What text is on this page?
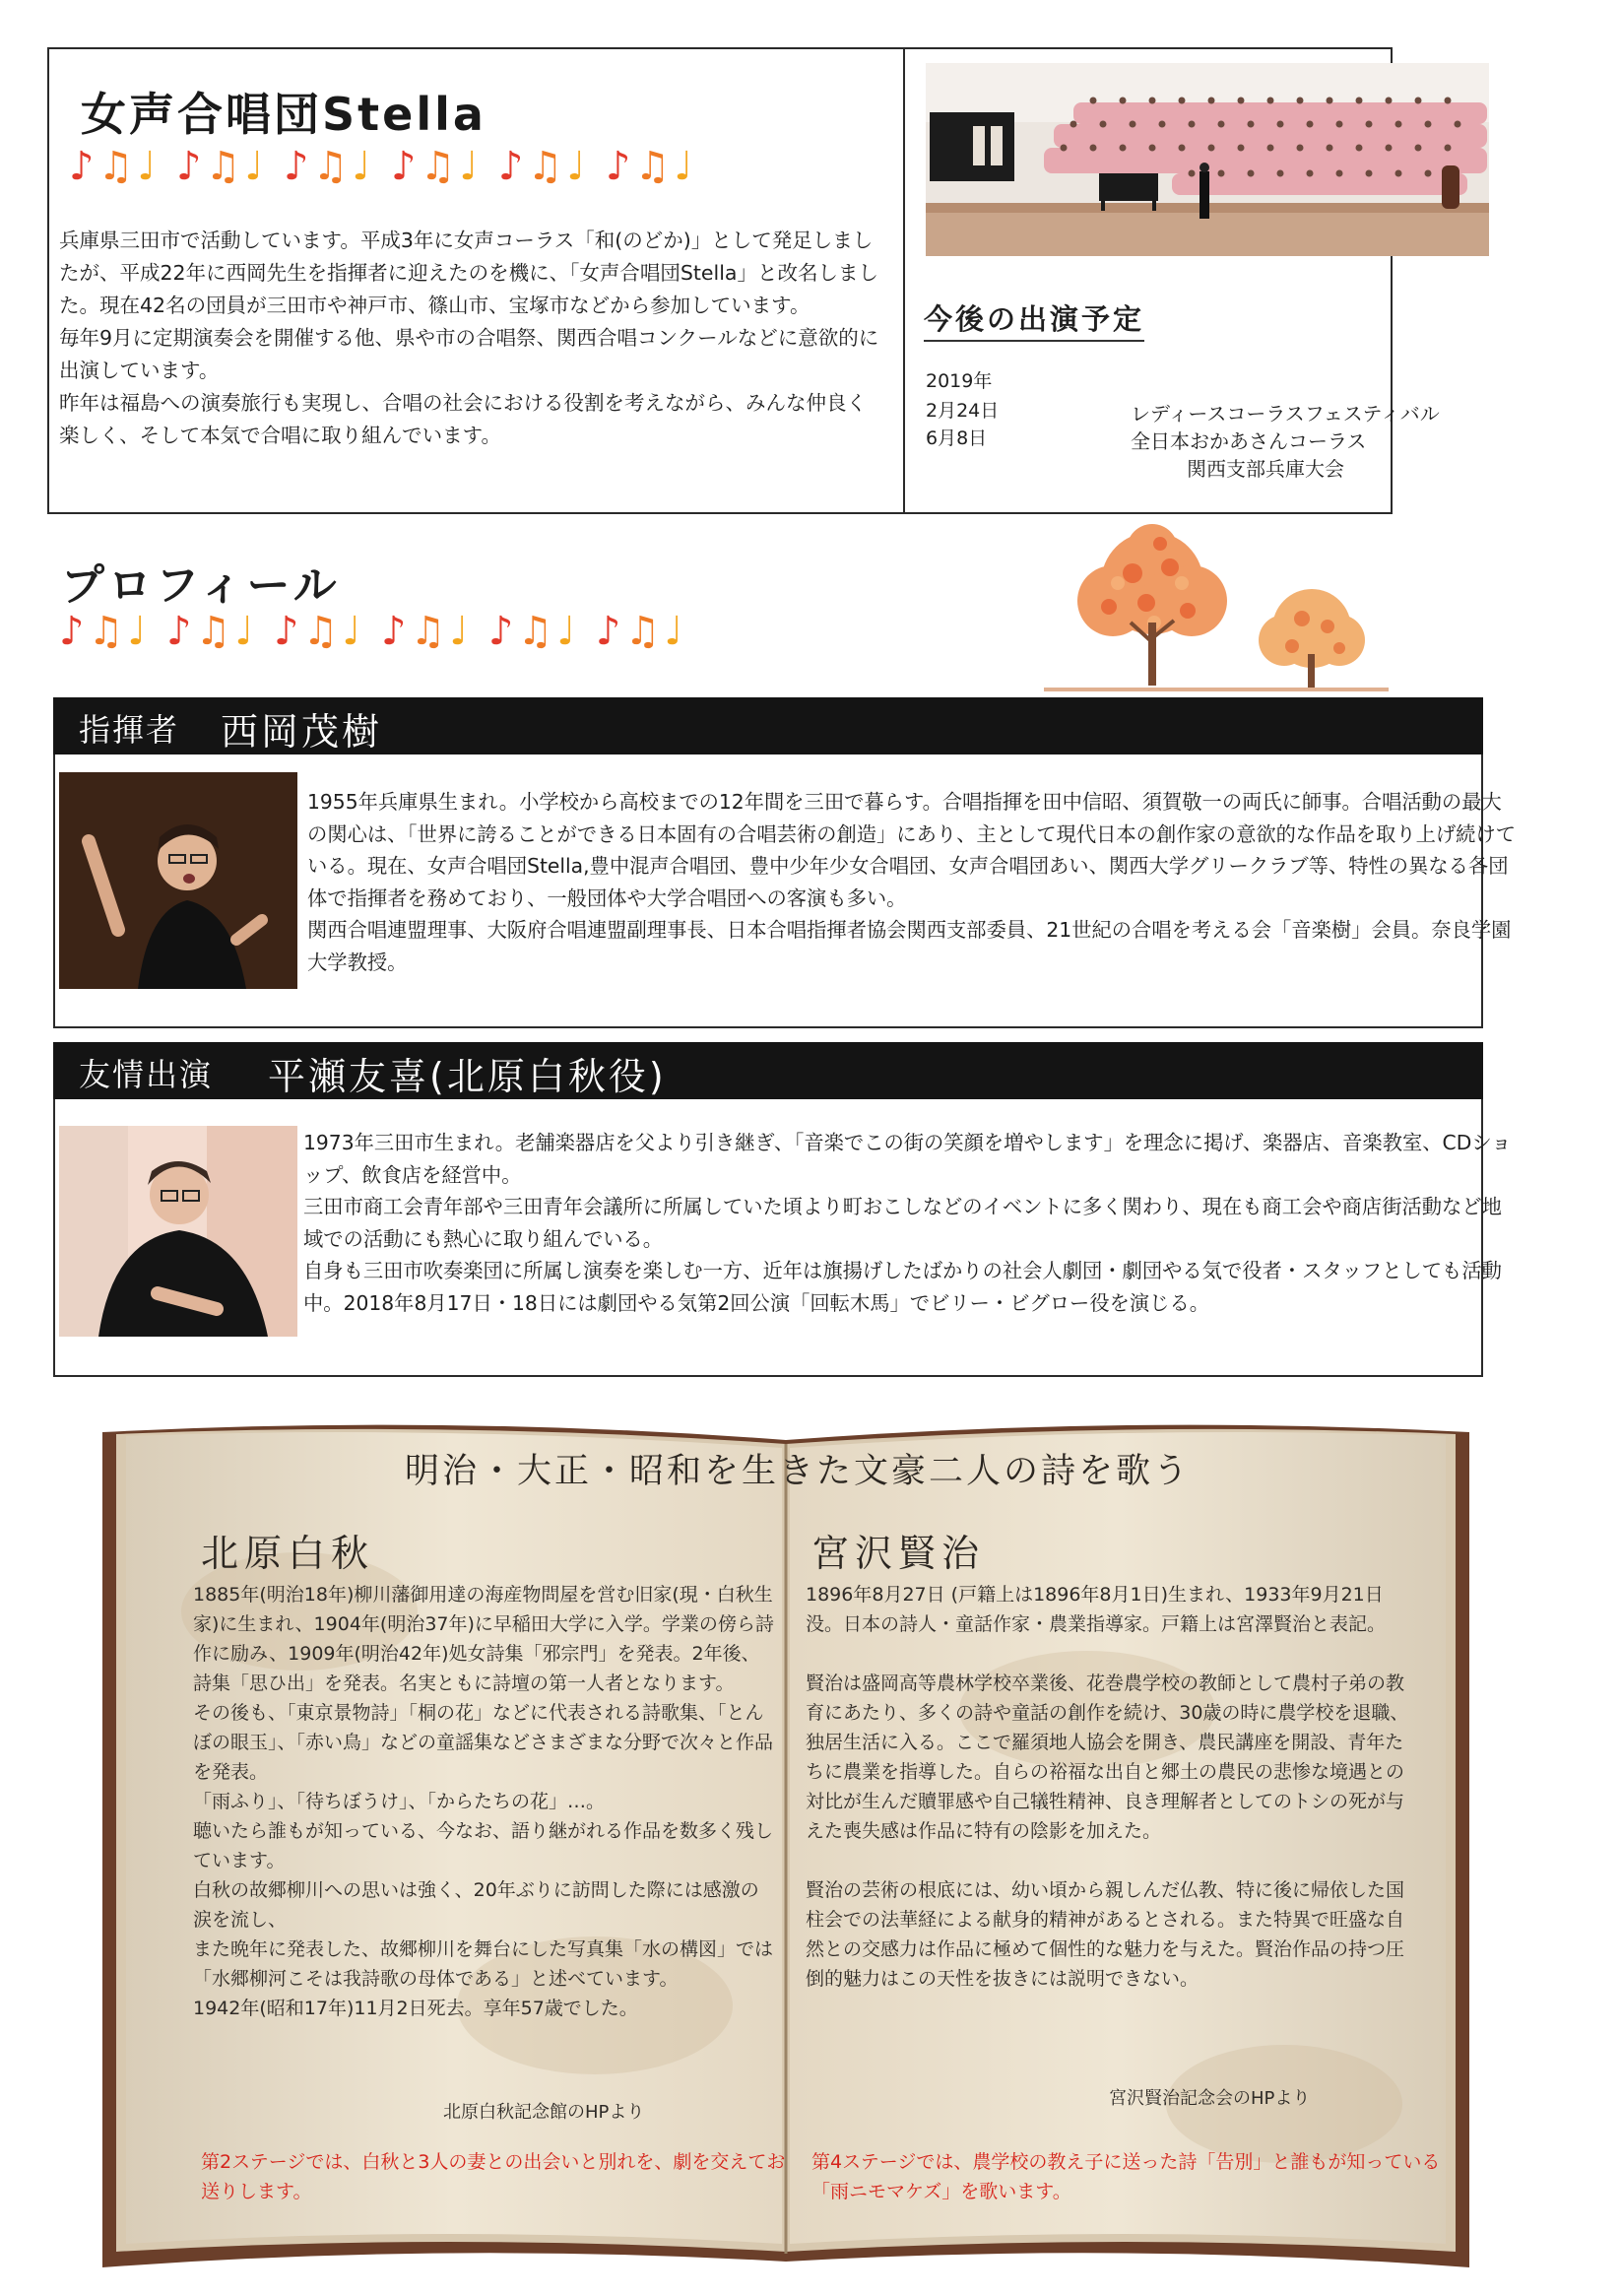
女声合唱団Stella
♪♫♩ ♪♫♩ ♪♫♩ ♪♫♩ ♪♫♩ ♪♫♩
兵庫県三田市で活動しています。平成3年に女声コーラス「和(のどか)」として発足しましたが、平成22年に西岡先生を指揮者に迎えたのを機に、「女声合唱団Stella」と改名しました。現在42名の団員が三田市や神戸市、篠山市、宝塚市などから参加しています。
毎年9月に定期演奏会を開催する他、県や市の合唱祭、関西合唱コンクールなどに意欲的に出演しています。
昨年は福島への演奏旅行も実現し、合唱の社会における役割を考えながら、みんな仲良く楽しく、そして本気で合唱に取り組んでいます。
今後の出演予定
2019年
2月24日
6月8日
レディースコーラスフェスティバル
全日本おかあさんコーラス
関西支部兵庫大会
プロフィール
♪♫♩ ♪♫♩ ♪♫♩ ♪♫♩ ♪♫♩ ♪♫♩
指揮者 西岡茂樹
1955年兵庫県生まれ。小学校から高校までの12年間を三田で暮らす。合唱指揮を田中信昭、須賀敬一の両氏に師事。合唱活動の最大の関心は、「世界に誇ることができる日本固有の合唱芸術の創造」にあり、主として現代日本の創作家の意欲的な作品を取り上げ続けている。現在、女声合唱団Stella,豊中混声合唱団、豊中少年少女合唱団、女声合唱団あい、関西大学グリークラブ等、特性の異なる各団体で指揮者を務めており、一般団体や大学合唱団への客演も多い。
関西合唱連盟理事、大阪府合唱連盟副理事長、日本合唱指揮者協会関西支部委員、21世紀の合唱を考える会「音楽樹」会員。奈良学園大学教授。
友情出演 平瀬友喜(北原白秋役)
1973年三田市生まれ。老舗楽器店を父より引き継ぎ、「音楽でこの街の笑顔を増やします」を理念に掲げ、楽器店、音楽教室、CDショップ、飲食店を経営中。
三田市商工会青年部や三田青年会議所に所属していた頃より町おこしなどのイベントに多く関わり、現在も商工会や商店街活動など地域での活動にも熱心に取り組んでいる。
自身も三田市吹奏楽団に所属し演奏を楽しむ一方、近年は旗揚げしたばかりの社会人劇団・劇団やる気で役者・スタッフとしても活動中。2018年8月17日・18日には劇団やる気第2回公演「回転木馬」でビリー・ビグロー役を演じる。
明治・大正・昭和を生きた文豪二人の詩を歌う
北原白秋
1885年(明治18年)柳川藩御用達の海産物問屋を営む旧家(現・白秋生家)に生まれ、1904年(明治37年)に早稲田大学に入学。学業の傍ら詩作に励み、1909年(明治42年)処女詩集「邪宗門」を発表。2年後、詩集「思ひ出」を発表。名実ともに詩壇の第一人者となります。
その後も、「東京景物詩」「桐の花」などに代表される詩歌集、「とんぼの眼玉」、「赤い鳥」などの童謡集などさまざまな分野で次々と作品を発表。
「雨ふり」、「待ちぼうけ」、「からたちの花」…。
聴いたら誰もが知っている、今なお、語り継がれる作品を数多く残しています。
白秋の故郷柳川への思いは強く、20年ぶりに訪問した際には感激の涙を流し、
また晩年に発表した、故郷柳川を舞台にした写真集「水の構図」では「水郷柳河こそは我詩歌の母体である」と述べています。
1942年(昭和17年)11月2日死去。享年57歳でした。
北原白秋記念館のHPより
第2ステージでは、白秋と3人の妻との出会いと別れを、劇を交えてお送りします。
宮沢賢治
1896年8月27日 (戸籍上は1896年8月1日)生まれ、1933年9月21日没。日本の詩人・童話作家・農業指導家。戸籍上は宮澤賢治と表記。

賢治は盛岡高等農林学校卒業後、花巻農学校の教師として農村子弟の教育にあたり、多くの詩や童話の創作を続け、30歳の時に農学校を退職、独居生活に入る。ここで羅須地人協会を開き、農民講座を開設、青年たちに農業を指導した。自らの裕福な出自と郷土の農民の悲惨な境遇との対比が生んだ贖罪感や自己犠牲精神、良き理解者としてのトシの死が与えた喪失感は作品に特有の陰影を加えた。

賢治の芸術の根底には、幼い頃から親しんだ仏教、特に後に帰依した国柱会での法華経による献身的精神があるとされる。また特異で旺盛な自然との交感力は作品に極めて個性的な魅力を与えた。賢治作品の持つ圧倒的魅力はこの天性を抜きには説明できない。
宮沢賢治記念会のHPより
第4ステージでは、農学校の教え子に送った詩「告別」と誰もが知っている「雨ニモマケズ」を歌います。
